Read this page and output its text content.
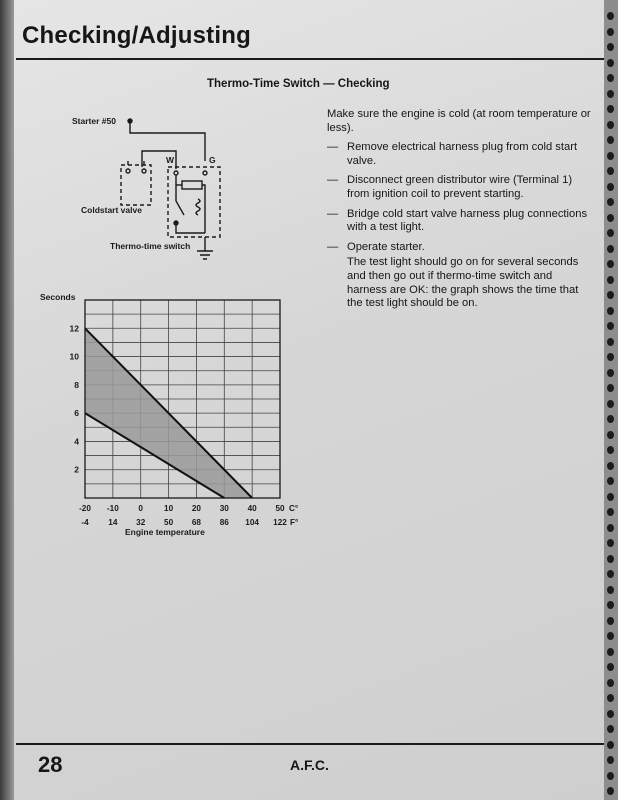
Checking/Adjusting
Thermo-Time Switch — Checking
Starter #50
W	G
Coldstart valve
Thermo-time switch

Make sure the engine is cold (at room temperature or less).

— Remove electrical harness plug from cold start valve.
— Disconnect green distributor wire (Terminal 1) from ignition coil to prevent starting.
— Bridge cold start valve harness plug connections with a test light.
— Operate starter.
The test light should go on for several seconds and then go out if thermo-time switch and harness are OK: the graph shows the time that the test light should be on.
2
4
6
8
10
12
-20 -10 0	10 20 30 40 50 C°
-4 14 32 50 68 86 104 122 F°
Seconds
Engine temperature
28	A.F.C.
